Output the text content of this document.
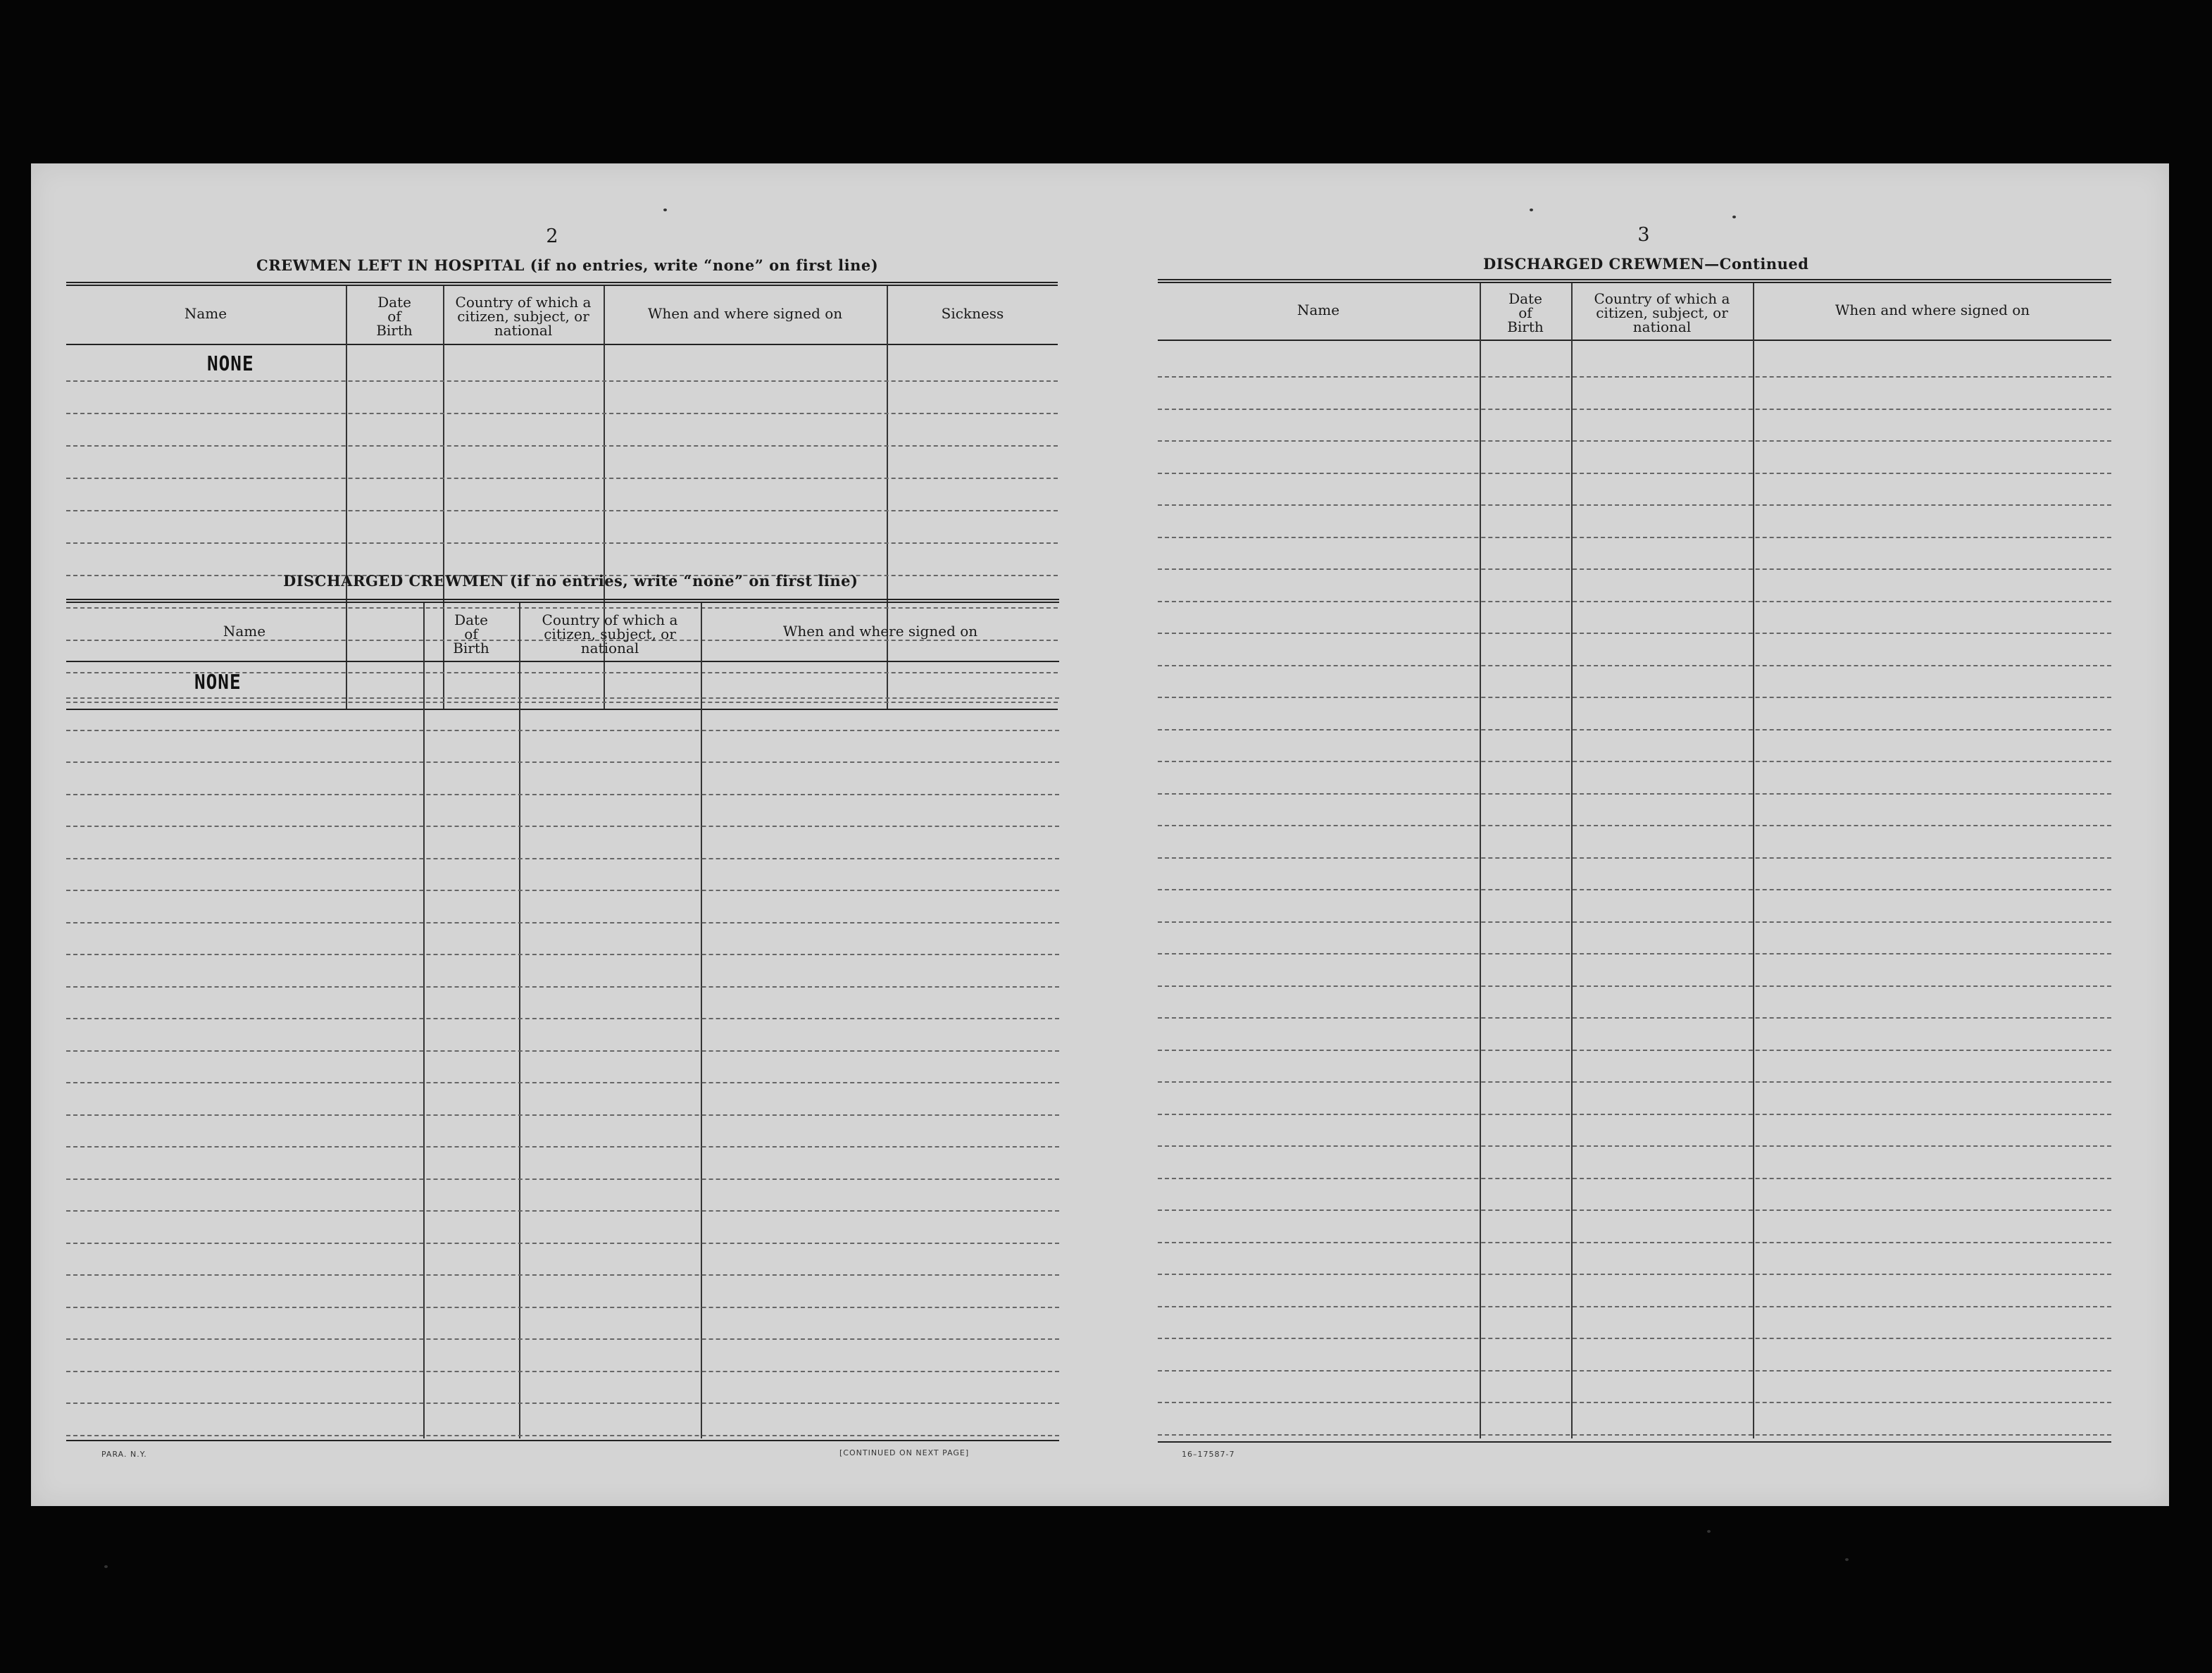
2
CREWMEN LEFT IN HOSPITAL (if no entries, write “none” on first line)
Name
Date
of
Birth
Country of which a
citizen, subject, or
national
When and where signed on	Sickness
NONE
DISCHARGED CREWMEN (if no entries, write “none” on first line)
Name
Date
of
Birth
Country of which a
citizen, subject, or
national
When and where signed on
NONE
PARA. N.Y.	[CONTINUED ON NEXT PAGE]
3
DISCHARGED CREWMEN—Continued
Name
Date
of
Birth
Country of which a
citizen, subject, or
national
When and where signed on
16–17587-7
